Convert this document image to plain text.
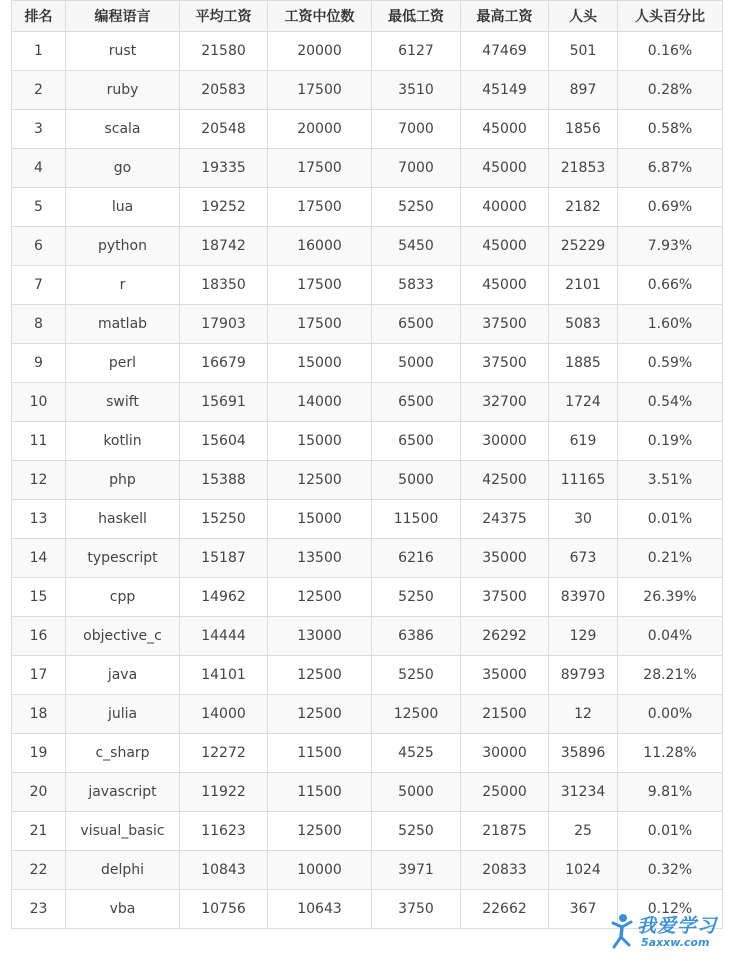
排名	编程语言	平均工资	工资中位数	最低工资	最高工资	人头	人头百分比
1	rust	21580	20000	6127	47469	501	0.16%
2	ruby	20583	17500	3510	45149	897	0.28%
3	scala	20548	20000	7000	45000	1856	0.58%
4	go	19335	17500	7000	45000	21853	6.87%
5	lua	19252	17500	5250	40000	2182	0.69%
6	python	18742	16000	5450	45000	25229	7.93%
7	r	18350	17500	5833	45000	2101	0.66%
8	matlab	17903	17500	6500	37500	5083	1.60%
9	perl	16679	15000	5000	37500	1885	0.59%
10	swift	15691	14000	6500	32700	1724	0.54%
11	kotlin	15604	15000	6500	30000	619	0.19%
12	php	15388	12500	5000	42500	11165	3.51%
13	haskell	15250	15000	11500	24375	30	0.01%
14	typescript	15187	13500	6216	35000	673	0.21%
15	cpp	14962	12500	5250	37500	83970	26.39%
16	objective_c	14444	13000	6386	26292	129	0.04%
17	java	14101	12500	5250	35000	89793	28.21%
18	julia	14000	12500	12500	21500	12	0.00%
19	c_sharp	12272	11500	4525	30000	35896	11.28%
20	javascript	11922	11500	5000	25000	31234	9.81%
21	visual_basic	11623	12500	5250	21875	25	0.01%
22	delphi	10843	10000	3971	20833	1024	0.32%
23	vba	10756	10643	3750	22662	367	0.12%
我爱学习
5axxw.com
